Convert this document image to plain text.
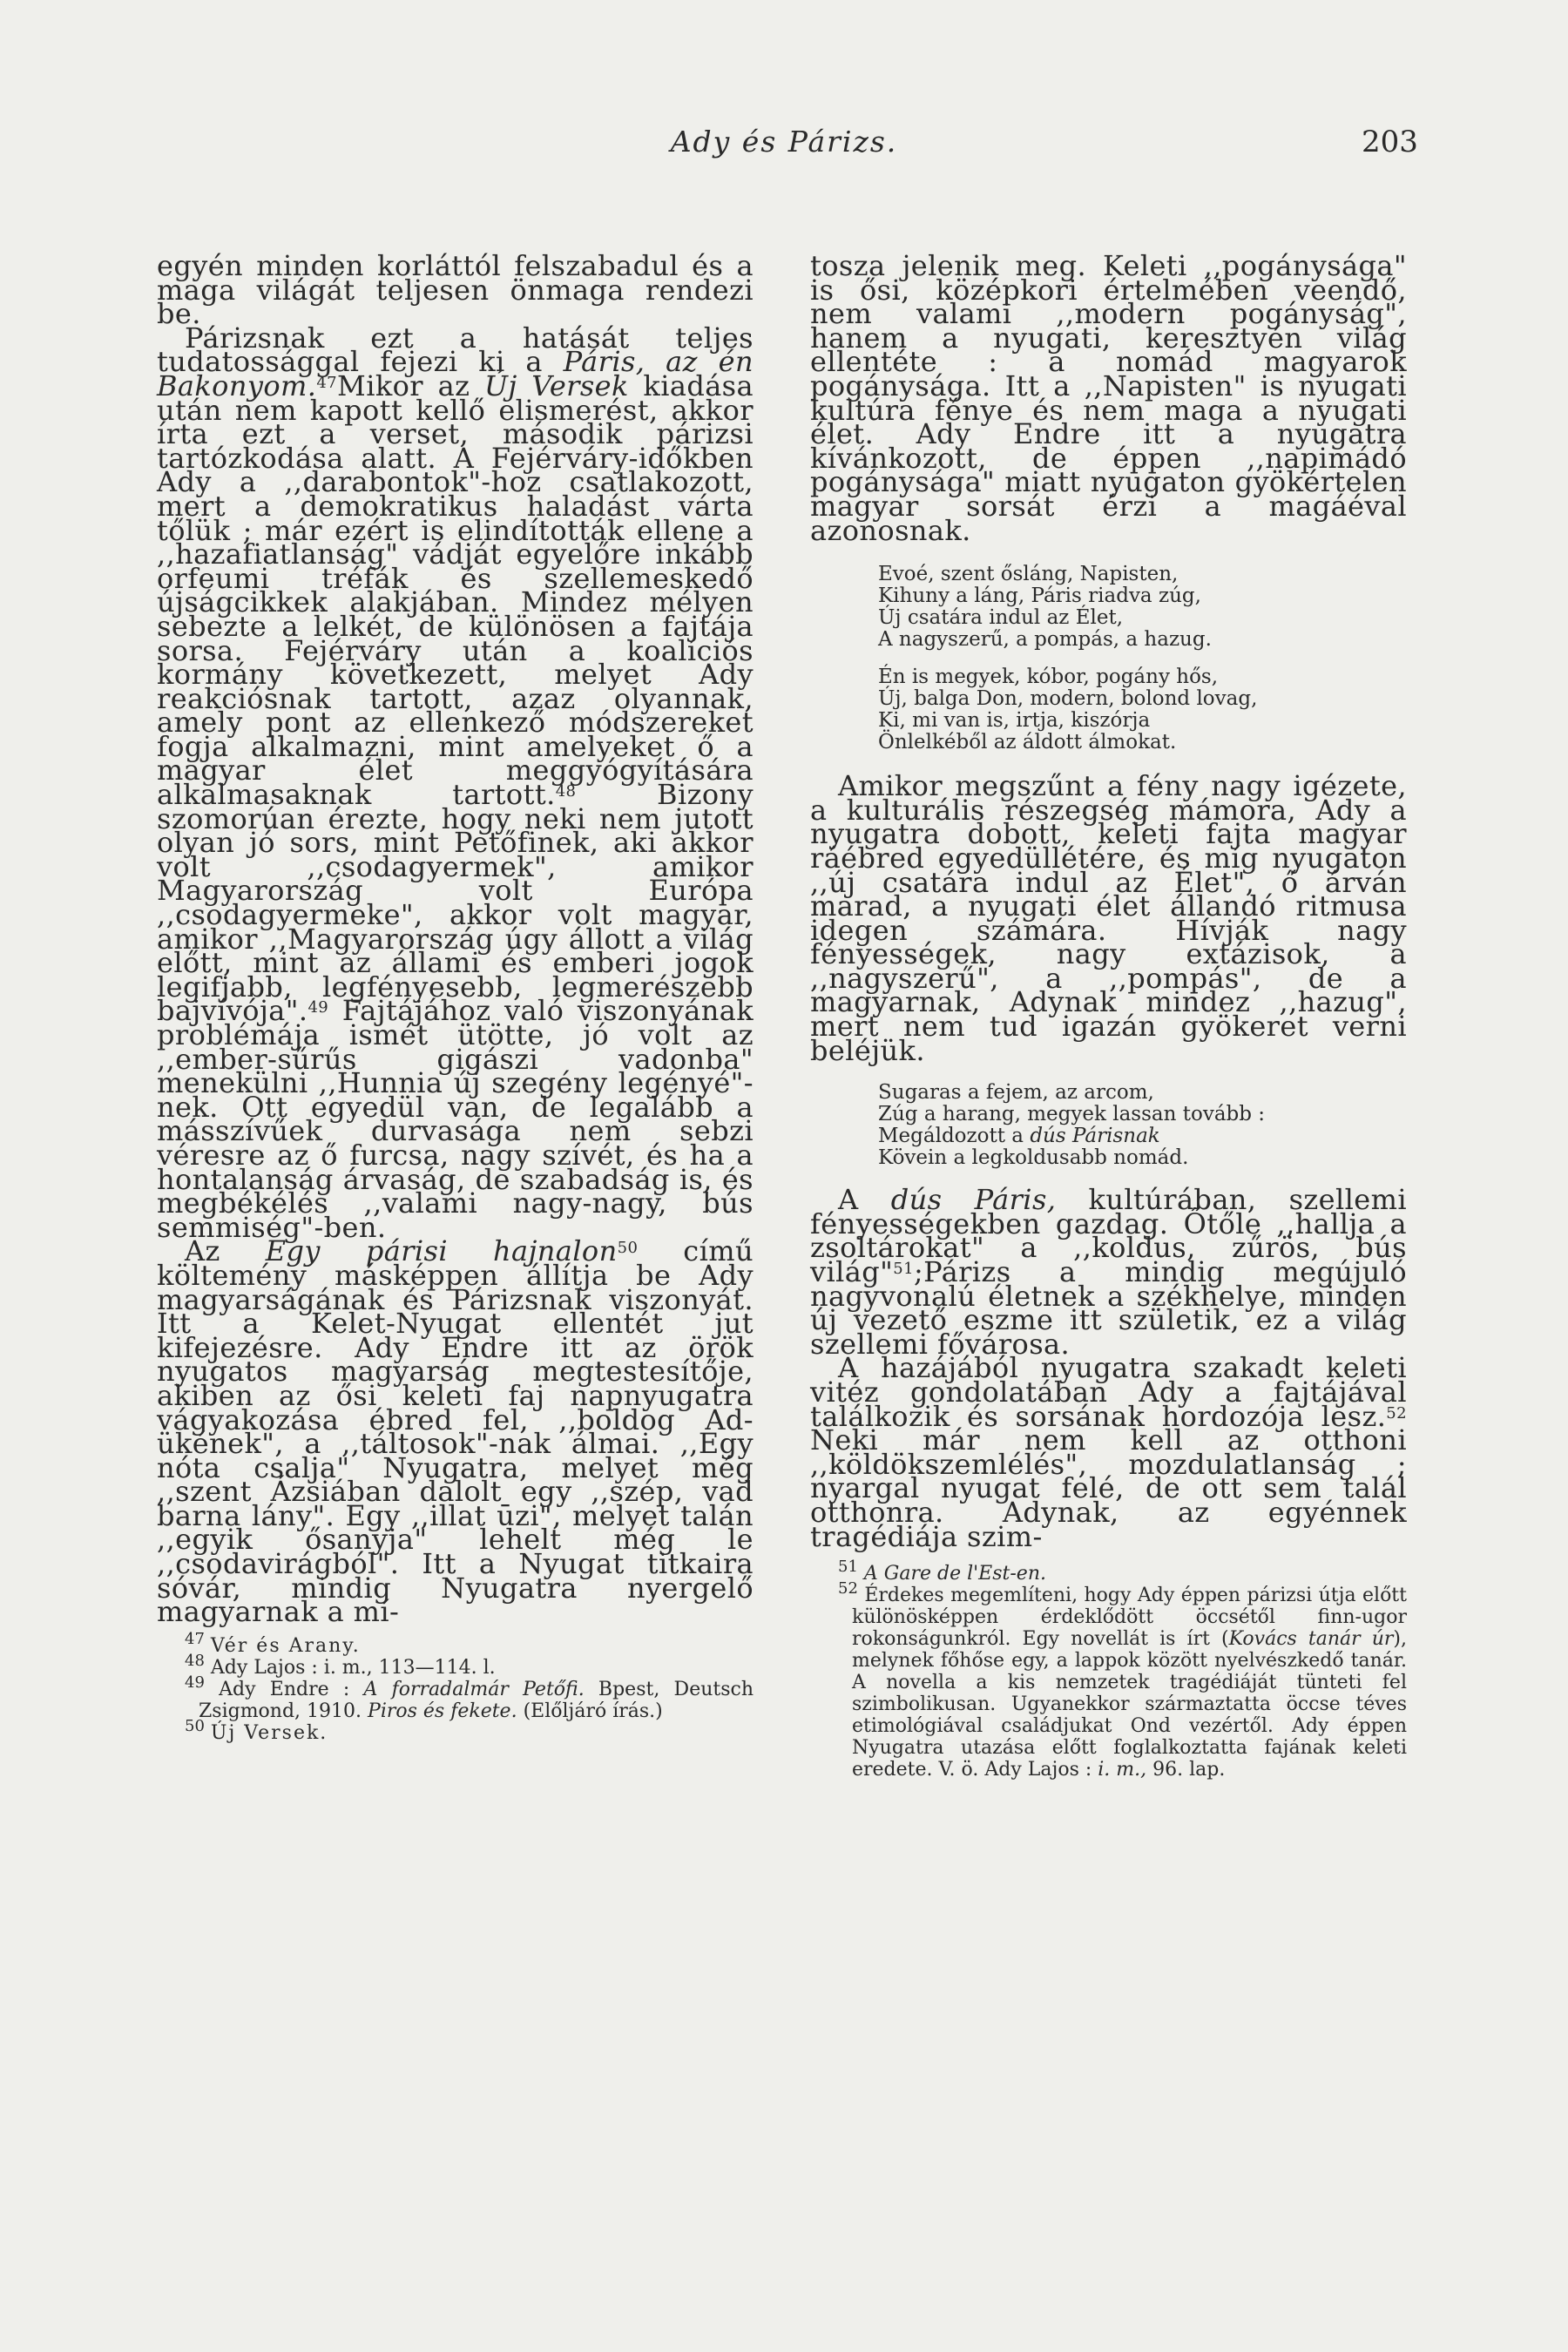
Ady és Párizs.	203

egyén minden korláttól felszabadul és a maga világát teljesen önmaga rendezi be.

Párizsnak ezt a hatását teljes tudatossággal fejezi ki a Páris, az én Bakonyom.$^{47}$Mikor az Új Versek kiadása után nem kapott kellő elismerést, akkor írta ezt a verset, második párizsi tartózkodása alatt. A Fejérváry-időkben Ady a ,,darabontok"-hoz csatlakozott, mert a demokratikus haladást várta tőlük ; már ezért is elindították ellene a ,,hazafiatlanság" vádját egyelőre inkább orfeumi tréfák és szellemeskedő újságcikkek alakjában. Mindez mélyen sebezte a lelkét, de különösen a fajtája sorsa. Fejérváry után a koalíciós kormány következett, melyet Ady reakciósnak tartott, azaz olyannak, amely pont az ellenkező módszereket fogja alkalmazni, mint amelyeket ő a magyar élet meggyógyítására alkalmasaknak tartott.$^{48}$ Bizony szomorúan érezte, hogy neki nem jutott olyan jó sors, mint Petőfinek, aki akkor volt ,,csodagyermek", amikor Magyarország volt Európa ,,csodagyermeke", akkor volt magyar, amikor ,,Magyarország úgy állott a világ előtt, mint az állami és emberi jogok legifjabb, legfényesebb, legmerészebb bajvívója".$^{49}$ Fajtájához való viszonyának problémája ismét ütötte, jó volt az ,,ember-sűrűs gigászi vadonba" menekülni ,,Hunnia új szegény legényé"-nek. Ott egyedül van, de legalább a másszívűek durvasága nem sebzi véresre az ő furcsa, nagy szívét, és ha a hontalanság árvaság, de szabadság is, és megbékélés ,,valami nagy-nagy, bús semmiség"-ben.

Az Egy párisi hajnalon$^{50}$ című költemény másképpen állítja be Ady magyarságának és Párizsnak viszonyát. Itt a Kelet-Nyugat ellentét jut kifejezésre. Ady Endre itt az örök nyugatos magyarság megtestesítője, akiben az ősi keleti faj napnyugatra vágyakozása ébred fel, ,,boldog Ad-ükének", a ,,táltosok"-nak álmai. ,,Egy nóta csalja" Nyugatra, melyet még ,,szent Ázsiában dalolt egy ,,szép, vad barna lány". Egy ,,illat ūzi", melyet talán ,,egyik ősanyja" lehelt még le ,,csodavirágból". Itt a Nyugat titkaira sóvár, mindig Nyugatra nyergelő magyarnak a mí-

$^{47}$ Vér és Arany.
$^{48}$ Ady Lajos : i. m., 113—114. l.
$^{49}$ Ady Endre : A forradalmár Petőfi. Bpest, Deutsch Zsigmond, 1910. Piros és fekete. (Előljáró írás.)
$^{50}$ Új Versek.

tosza jelenik meg. Keleti ,,pogánysága" is ősi, középkori értelmében veendő, nem valami ,,modern pogányság", hanem a nyugati, keresztyén világ ellentéte : a nomád magyarok pogánysága. Itt a ,,Napisten" is nyugati kultúra fénye és nem maga a nyugati élet. Ady Endre itt a nyugatra kívánkozott, de éppen ,,napimádó pogánysága" miatt nyugaton gyökértelen magyar sorsát érzi a magáéval azonosnak.

Evoé, szent ősláng, Napisten,
Kihuny a láng, Páris riadva zúg,
Új csatára indul az Élet,
A nagyszerű, a pompás, a hazug.
Én is megyek, kóbor, pogány hős,
Új, balga Don, modern, bolond lovag,
Ki, mi van is, irtja, kiszórja
Önlelkéből az áldott álmokat.

Amikor megszűnt a fény nagy igézete, a kulturális részegség mámora, Ady a nyugatra dobott, keleti fajta magyar ráébred egyedüllétére, és míg nyugaton ,,új csatára indul az Élet", ő árván marad, a nyugati élet állandó ritmusa idegen számára. Hívják nagy fényességek, nagy extázisok, a ,,nagyszerű", a ,,pompás", de a magyarnak, Adynak mindez ,,hazug", mert nem tud igazán gyökeret verni beléjük.

Sugaras a fejem, az arcom,
Zúg a harang, megyek lassan tovább :
Megáldozott a dús Párisnak
Kövein a legkoldusabb nomád.

A dús Páris, kultúrában, szellemi fényességekben gazdag. Őtőle ,,hallja a zsoltárokat" a ,,koldus, zűrös, bús világ"$^{51}$;Párizs a mindig megújuló nagyvonalú életnek a székhelye, minden új vezető eszme itt születik, ez a világ szellemi fővárosa.

A hazájából nyugatra szakadt keleti vitéz gondolatában Ady a fajtájával találkozik és sorsának hordozója lesz.$^{52}$ Neki már nem kell az otthoni ,,köldökszemlélés", mozdulatlanság ; nyargal nyugat felé, de ott sem talál otthonra. Adynak, az egyénnek tragédiája szim-

$^{51}$ A Gare de l'Est-en.
$^{52}$ Érdekes megemlíteni, hogy Ady éppen párizsi útja előtt különösképpen érdeklődött öccsétől finn-ugor rokonságunkról. Egy novellát is írt (Kovács tanár úr), melynek főhőse egy, a lappok között nyelvészkedő tanár. A novella a kis nemzetek tragédiáját tünteti fel szimbolikusan. Ugyanekkor származtatta öccse téves etimológiával családjukat Ond vezértől. Ady éppen Nyugatra utazása előtt foglalkoztatta fajának keleti eredete. V. ö. Ady Lajos : i. m., 96. lap.
